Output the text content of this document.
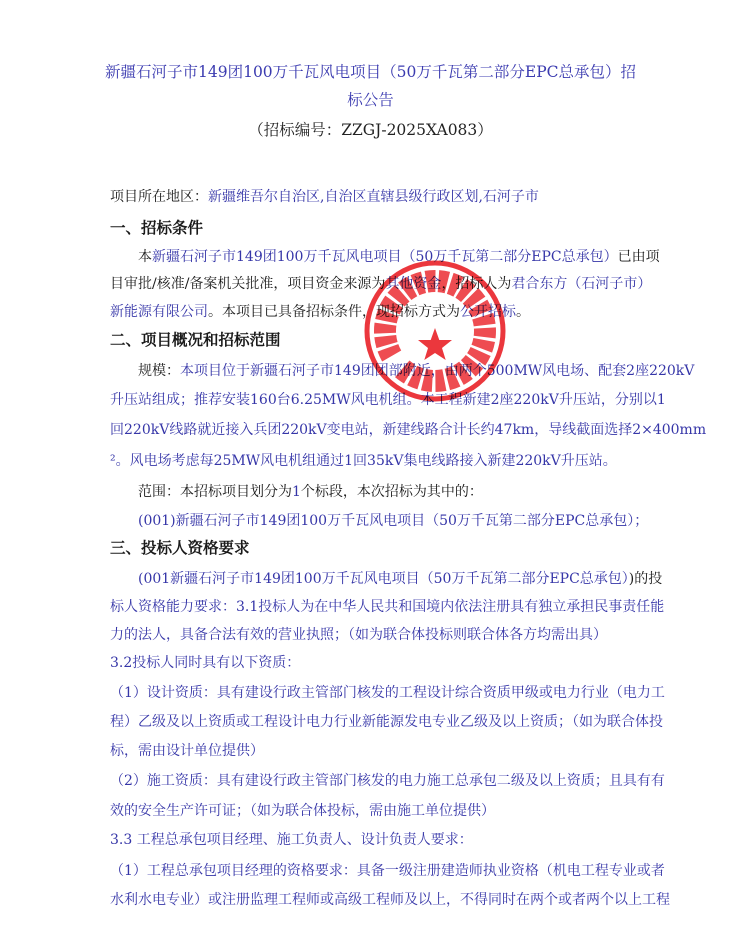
新疆石河子市149团100万千瓦风电项目（50万千瓦第二部分EPC总承包）招
标公告
（招标编号：ZZGJ-2025XA083）
项目所在地区：新疆维吾尔自治区,自治区直辖县级行政区划,石河子市
一、招标条件
本新疆石河子市149团100万千瓦风电项目（50万千瓦第二部分EPC总承包）已由项
目审批/核准/备案机关批准，项目资金来源为其他资金，招标人为君合东方（石河子市）
新能源有限公司。本项目已具备招标条件，现招标方式为公开招标。
二、项目概况和招标范围
规模：本项目位于新疆石河子市149团团部附近，由两个500MW风电场、配套2座220kV
升压站组成；推荐安装160台6.25MW风电机组。本工程新建2座220kV升压站，分别以1
回220kV线路就近接入兵团220kV变电站，新建线路合计长约47km，导线截面选择2×400mm
²。风电场考虑每25MW风电机组通过1回35kV集电线路接入新建220kV升压站。
范围：本招标项目划分为1个标段，本次招标为其中的：
(001)新疆石河子市149团100万千瓦风电项目（50万千瓦第二部分EPC总承包）；
三、投标人资格要求
(001新疆石河子市149团100万千瓦风电项目（50万千瓦第二部分EPC总承包）)的投
标人资格能力要求：3.1投标人为在中华人民共和国境内依法注册具有独立承担民事责任能
力的法人，具备合法有效的营业执照；（如为联合体投标则联合体各方均需出具）
3.2投标人同时具有以下资质：
（1）设计资质：具有建设行政主管部门核发的工程设计综合资质甲级或电力行业（电力工
程）乙级及以上资质或工程设计电力行业新能源发电专业乙级及以上资质；（如为联合体投
标，需由设计单位提供）
（2）施工资质：具有建设行政主管部门核发的电力施工总承包二级及以上资质；且具有有
效的安全生产许可证；（如为联合体投标，需由施工单位提供）
3.3 工程总承包项目经理、施工负责人、设计负责人要求：
（1）工程总承包项目经理的资格要求：具备一级注册建造师执业资格（机电工程专业或者
水利水电专业）或注册监理工程师或高级工程师及以上，不得同时在两个或者两个以上工程
